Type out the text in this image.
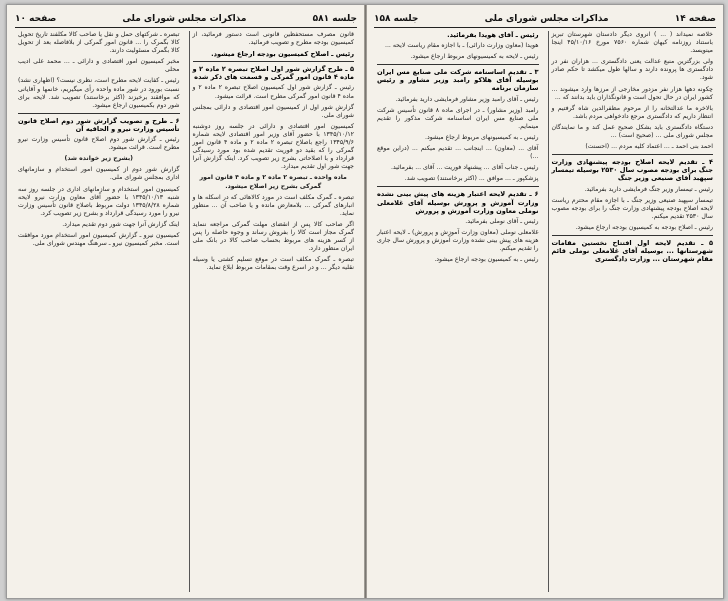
جلسه ۵۸۱
مذاکرات مجلس شورای ملی
صفحه ۱۰

قانون مصرف مستحفظین قانونی است دستور فرمائید، از کمیسیون بودجه مطرح و تصویب فرمائید.

رئیس ـ اصلاح کمیسیون بودجه ارجاع میشود.

۵ ـ طرح گزارش شور اول اصلاح تبصره ۲ ماده ۲ و ماده ۴ قانون امور گمرکی و قسمت های ذکر شده

رئیس ـ گزارش شور اول کمیسیون اصلاح تبصره ۲ ماده ۲ و ماده ۴ قانون امور گمرکی مطرح است. قرائت میشود.

گزارش شور اول از کمیسیون امور اقتصادی و دارائی بمجلس شورای ملی.

کمیسیون امور اقتصادی و دارائی در جلسه روز دوشنبه ۱۳۴۵/۱۰/۱۲ با حضور آقای وزیر امور اقتصادی لایحه شماره ۱۳۴۵/۹/۶ راجع باصلاح تبصره ۲ ماده ۲ و ماده ۴ قانون امور گمرکی را که بقید دو فوریت تقدیم شده بود مورد رسیدگی قرارداد و با اصلاحاتی بشرح زیر تصویب کرد. اینک گزارش آنرا جهت شور اول تقدیم میدارد.

ماده واحده ـ تبصره ۲ ماده ۲ و ماده ۴ قانون امور گمرکی بشرح زیر اصلاح میشود.

تبصره ـ گمرک مکلف است در مورد کالاهائی که در اسکله ها و انبارهای گمرکی ... بلامعارض مانده و یا صاحب آن ... منظور نماید.

اگر صاحب کالا پس از انقضای مهلت گمرکی مراجعه ننماید گمرک مجاز است کالا را بفروش رساند و وجوه حاصله را پس از کسر هزینه های مربوط بحساب صاحب کالا در بانک ملی ایران منظور دارد.

تبصره ـ گمرک مکلف است در موقع تسلیم کشتی یا وسیله نقلیه دیگر ... و در اسرع وقت بمقامات مربوط ابلاغ نماید.

تبصره ـ شرکتهای حمل و نقل یا صاحب کالا مکلفند تاریخ تحویل کالا بگمرک را ... قانون امور گمرکی از بلافاصله بعد از تحویل کالا بگمرک مسئولیت دارند.

مخبر کمیسیون امور اقتصادی و دارائی ـ ... محمد علی ادیب محلی

رئیس ـ کفایت لایحه مطرح است، نظری نیست؟ (اظهاری نشد) نسبت بورود در شور ماده واحده رأی میگیریم، خانمها و آقایانی که موافقند برخیزند (اکثر برخاستند) تصویب شد. لایحه برای شور دوم بکمیسیون ارجاع میشود.

۶ ـ طرح و تصویب گزارش شور دوم اصلاح قانون تأسیس وزارت نیرو و الحاقیه آن

رئیس ـ گزارش شور دوم اصلاح قانون تأسیس وزارت نیرو مطرح است. قرائت میشود.

(بشرح زیر خوانده شد)

گزارش شور دوم از کمیسیون امور استخدام و سازمانهای اداری بمجلس شورای ملی.

کمیسیون امور استخدام و سازمانهای اداری در جلسه روز سه شنبه ۱۳۴۵/۱۰/۱۳ با حضور آقای معاون وزارت نیرو لایحه شماره ۱۳۴۵/۸/۲۸ دولت مربوط باصلاح قانون تأسیس وزارت نیرو را مورد رسیدگی قرارداد و بشرح زیر تصویب کرد.

اینک گزارش آنرا جهت شور دوم تقدیم میدارد.

کمیسیون نیرو ـ گزارش کمیسیون امور استخدام مورد موافقت است. مخبر کمیسیون نیرو ـ سرهنگ مهندس شورای ملی.

صفحه ۱۴
مذاکرات مجلس شورای ملی
جلسه ۱۵۸

خلاصه نمیداند ( ... ) آنروی دیگر دادستان شهرستان تبریز باستناد روزنامه کیهان شماره ۷۵۶۰ مورخ ۴۵/۱۰/۱۶ اینجا مینویسد.

ولی بزرگترین منبع عدالت یعنی دادگستری ... هزاران نفر در دادگستری ها پرونده دارند و سالها طول میکشد تا حکم صادر شود.

چکونه دهها هزار نفر مزدور مخارجی از مرزها وارد میشوند ... کشور ایران در حال تحول است و قانونگذاران باید بدانند که ...

بالاخره ما عدالتخانه را از مرحوم مظفرالدین شاه گرفتیم و انتظار داریم که دادگستری مرجع دادخواهی مردم باشد.

دستگاه دادگستری باید بشکل صحیح عمل کند و ما نمایندگان مجلس شورای ملی ... (صحیح است) ...

احمد بنی احمد ـ ... اعتماد کلیه مردم ... (احسنت)

۴ ـ تقدیم لایحه اصلاح بودجه پیشنهادی وزارت جنگ برای بودجه مصوب سال ۲۵۳۰ بوسیله تیمسار سپهبد آقای صنیعی وزیر جنگ

رئیس ـ تیمسار وزیر جنگ فرمایشی دارید بفرمائید.

تیمسار سپهبد صنیعی وزیر جنگ ـ با اجازه مقام محترم ریاست لایحه اصلاح بودجه پیشنهادی وزارت جنگ را برای بودجه مصوب سال ۲۵۳۰ تقدیم میکنم.

رئیس ـ اصلاح بودجه به کمیسیون بودجه ارجاع میشود.

۵ ـ تقدیم لایحه اول افتتاح نخستین مقامات شهرستانها ... بوسیله آقای غلامعلی نوملی قائم مقام شهرستان ... وزارت دادگستری

رئیس ـ آقای هویدا بفرمائید.

هویدا (معاون وزارت دارائی) ـ با اجازه مقام ریاست لایحه ...

رئیس ـ لایحه به کمیسیونهای مربوط ارجاع میشود.

۳ ـ تقدیم اساسنامه شرکت ملی صنایع مس ایران بوسیله آقای هلاکو رامبد وزیر مشاور و رئیس سازمان برنامه

رئیس ـ آقای رامبد وزیر مشاور فرمایشی دارید بفرمائید.

رامبد (وزیر مشاور) ـ در اجرای ماده ۸ قانون تأسیس شرکت ملی صنایع مس ایران اساسنامه شرکت مذکور را تقدیم مینمایم.

رئیس ـ به کمیسیونهای مربوط ارجاع میشود.

آقای ... (معاون) ... اینجانب ... تقدیم میکنم ... (دراین موقع ...)

رئیس ـ جناب آقای ... پیشنهاد فوریت ... آقای ... بفرمائید.

پزشکپور ـ ... موافق ... (اکثر برخاستند) تصویب شد.

۶ ـ تقدیم لایحه اعتبار هزینه های پیش بینی نشده وزارت آموزش و پرورش بوسیله آقای غلامعلی نوملی معاون وزارت آموزش و پرورش

رئیس ـ آقای نوملی بفرمائید.

غلامعلی نوملی (معاون وزارت آموزش و پرورش) ـ لایحه اعتبار هزینه های پیش بینی نشده وزارت آموزش و پرورش سال جاری را تقدیم میکنم.

رئیس ـ به کمیسیون بودجه ارجاع میشود.
